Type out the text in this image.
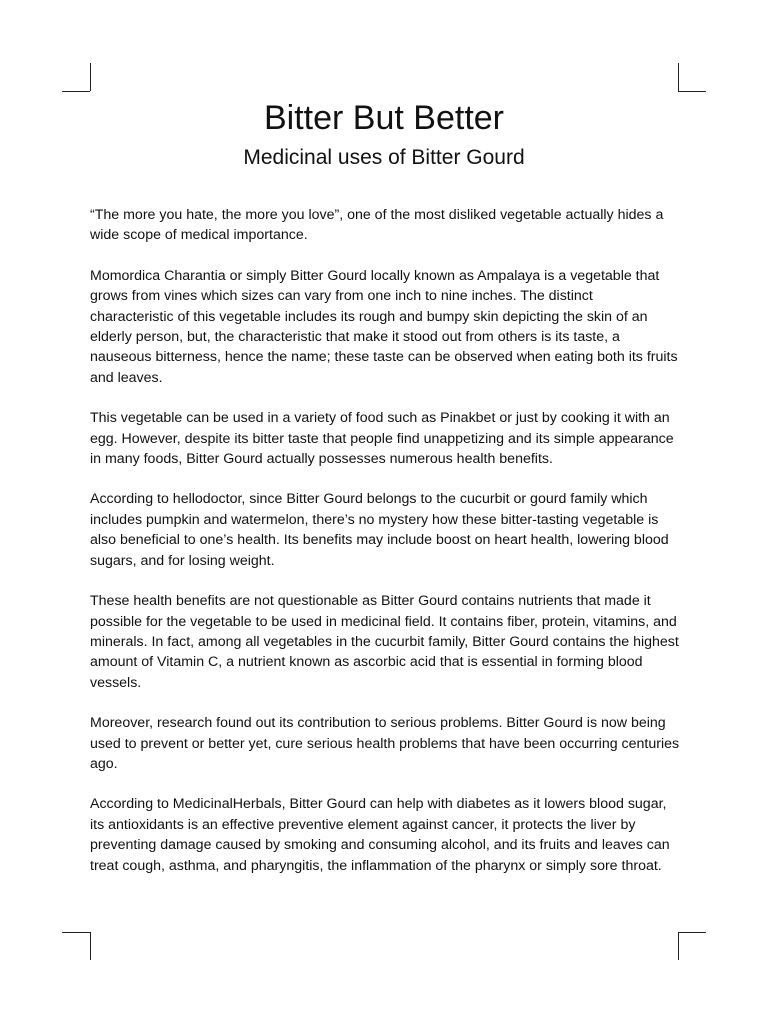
Bitter But Better
Medicinal uses of Bitter Gourd

“The more you hate, the more you love”, one of the most disliked vegetable actually hides a wide scope of medical importance.

Momordica Charantia or simply Bitter Gourd locally known as Ampalaya is a vegetable that grows from vines which sizes can vary from one inch to nine inches. The distinct characteristic of this vegetable includes its rough and bumpy skin depicting the skin of an elderly person, but, the characteristic that make it stood out from others is its taste, a nauseous bitterness, hence the name; these taste can be observed when eating both its fruits and leaves.

This vegetable can be used in a variety of food such as Pinakbet or just by cooking it with an egg. However, despite its bitter taste that people find unappetizing and its simple appearance in many foods, Bitter Gourd actually possesses numerous health benefits.

According to hellodoctor, since Bitter Gourd belongs to the cucurbit or gourd family which includes pumpkin and watermelon, there’s no mystery how these bitter-tasting vegetable is also beneficial to one’s health. Its benefits may include boost on heart health, lowering blood sugars, and for losing weight.

These health benefits are not questionable as Bitter Gourd contains nutrients that made it possible for the vegetable to be used in medicinal field. It contains fiber, protein, vitamins, and minerals. In fact, among all vegetables in the cucurbit family, Bitter Gourd contains the highest amount of Vitamin C, a nutrient known as ascorbic acid that is essential in forming blood vessels.

Moreover, research found out its contribution to serious problems. Bitter Gourd is now being used to prevent or better yet, cure serious health problems that have been occurring centuries ago.

According to MedicinalHerbals, Bitter Gourd can help with diabetes as it lowers blood sugar, its antioxidants is an effective preventive element against cancer, it protects the liver by preventing damage caused by smoking and consuming alcohol, and its fruits and leaves can treat cough, asthma, and pharyngitis, the inflammation of the pharynx or simply sore throat.
